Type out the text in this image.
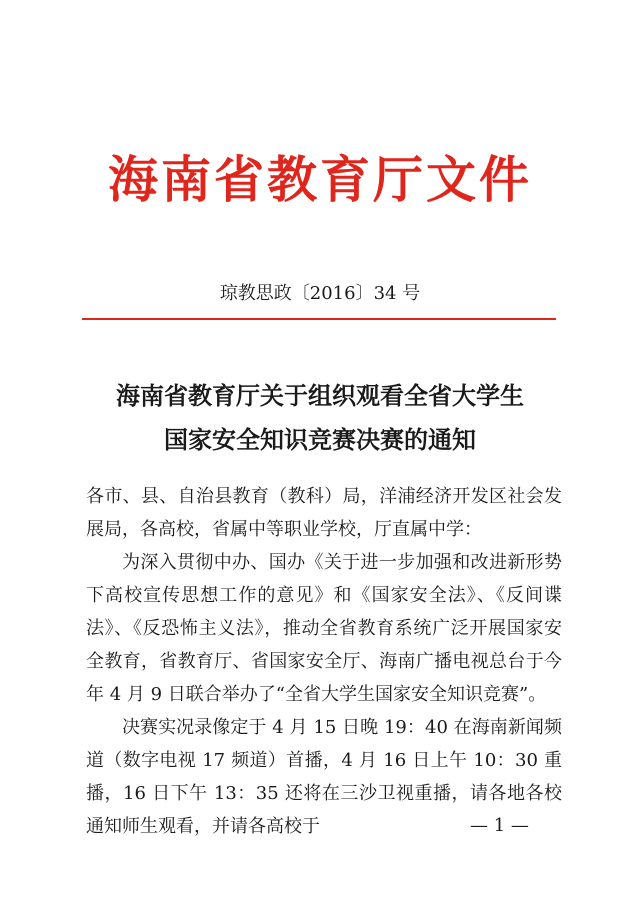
海南省教育厅文件
琼教思政〔2016〕34 号
海南省教育厅关于组织观看全省大学生
国家安全知识竞赛决赛的通知

各市、县、自治县教育（教科）局，洋浦经济开发区社会发展局，各高校，省属中等职业学校，厅直属中学：

为深入贯彻中办、国办《关于进一步加强和改进新形势下高校宣传思想工作的意见》和《国家安全法》、《反间谍法》、《反恐怖主义法》，推动全省教育系统广泛开展国家安全教育，省教育厅、省国家安全厅、海南广播电视总台于今年 4 月 9 日联合举办了“全省大学生国家安全知识竞赛”。

决赛实况录像定于 4 月 15 日晚 19：40 在海南新闻频道（数字电视 17 频道）首播，4 月 16 日上午 10：30 重播，16 日下午 13：35 还将在三沙卫视重播，请各地各校通知师生观看，并请各高校于	— 1 —
